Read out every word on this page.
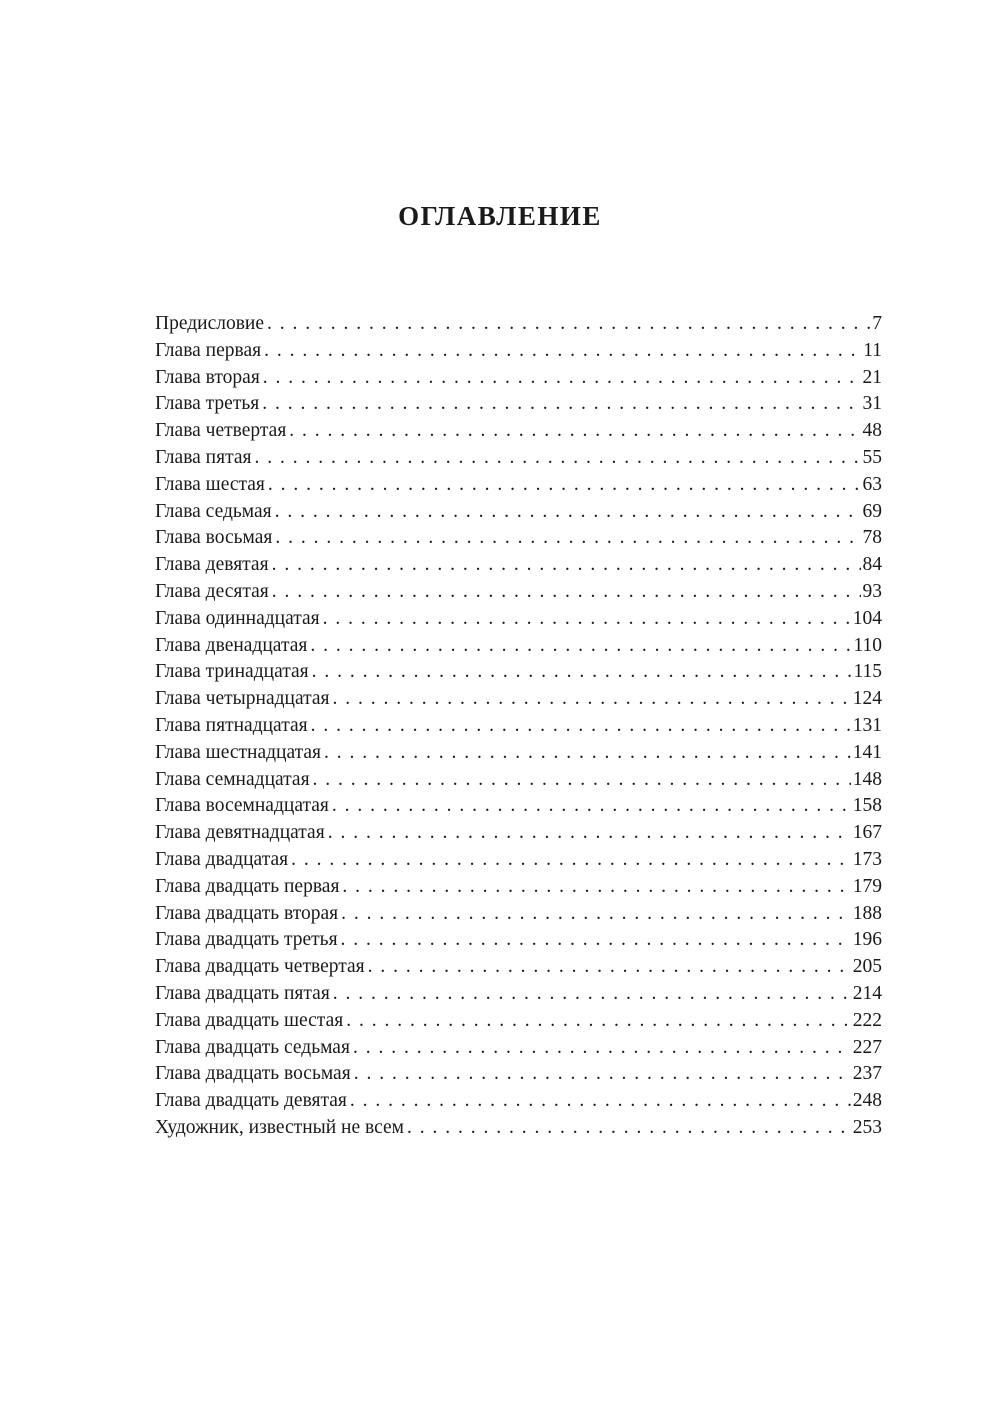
ОГЛАВЛЕНИЕ
Предисловие . . .	7
Глава первая . . .	11
Глава вторая . . .	21
Глава третья . . .	31
Глава четвертая . . .	48
Глава пятая . . .	55
Глава шестая . . .	63
Глава седьмая . . .	69
Глава восьмая . . .	78
Глава девятая . . .	84
Глава десятая . . .	93
Глава одиннадцатая . . .	104
Глава двенадцатая . . .	110
Глава тринадцатая . . .	115
Глава четырнадцатая . . .	124
Глава пятнадцатая . . .	131
Глава шестнадцатая . . .	141
Глава семнадцатая . . .	148
Глава восемнадцатая . . .	158
Глава девятнадцатая . . .	167
Глава двадцатая . . .	173
Глава двадцать первая . . .	179
Глава двадцать вторая . . .	188
Глава двадцать третья . . .	196
Глава двадцать четвертая . . .	205
Глава двадцать пятая . . .	214
Глава двадцать шестая . . .	222
Глава двадцать седьмая . . .	227
Глава двадцать восьмая . . .	237
Глава двадцать девятая . . .	248
Художник, известный не всем . . .	253
